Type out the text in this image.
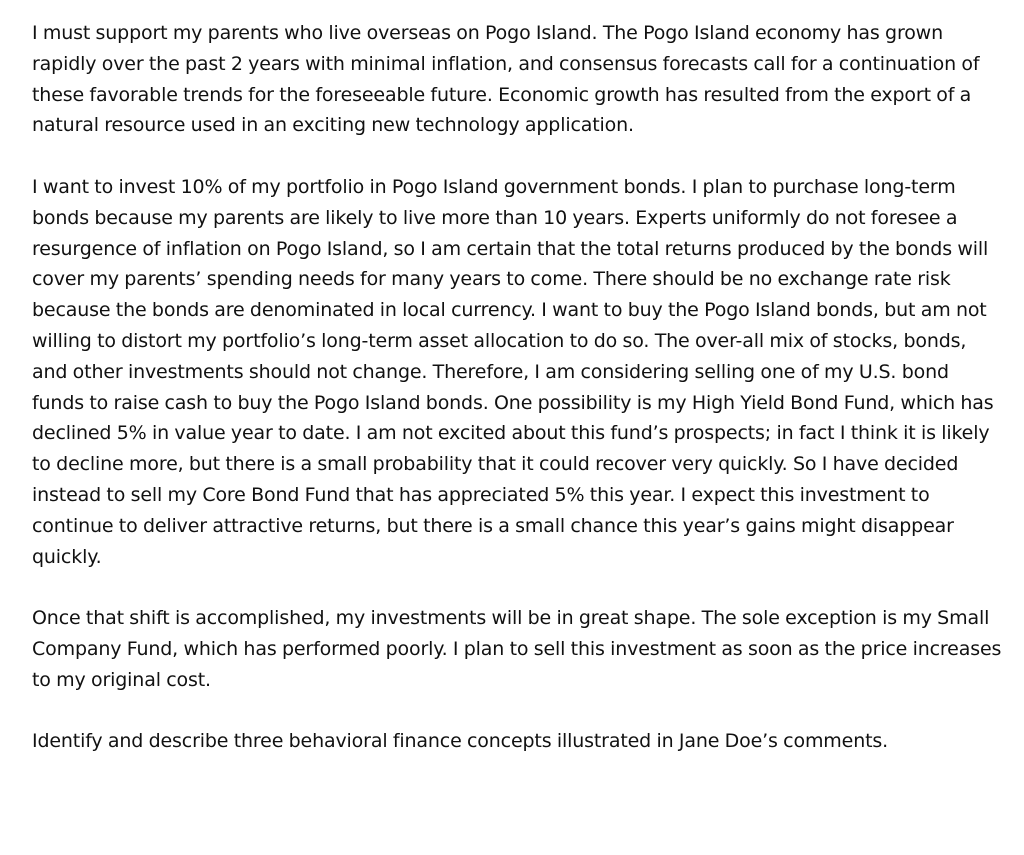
I must support my parents who live overseas on Pogo Island. The Pogo Island economy has grown rapidly over the past 2 years with minimal inflation, and consensus forecasts call for a continuation of these favorable trends for the foreseeable future. Economic growth has resulted from the export of a natural resource used in an exciting new technology application.

I want to invest 10% of my portfolio in Pogo Island government bonds. I plan to purchase long-term bonds because my parents are likely to live more than 10 years. Experts uniformly do not foresee a resurgence of inflation on Pogo Island, so I am certain that the total returns produced by the bonds will cover my parents’ spending needs for many years to come. There should be no exchange rate risk because the bonds are denominated in local currency. I want to buy the Pogo Island bonds, but am not willing to distort my portfolio’s long-term asset allocation to do so. The over-all mix of stocks, bonds, and other investments should not change. Therefore, I am considering selling one of my U.S. bond funds to raise cash to buy the Pogo Island bonds. One possibility is my High Yield Bond Fund, which has declined 5% in value year to date. I am not excited about this fund’s prospects; in fact I think it is likely to decline more, but there is a small probability that it could recover very quickly. So I have decided instead to sell my Core Bond Fund that has appreciated 5% this year. I expect this investment to continue to deliver attractive returns, but there is a small chance this year’s gains might disappear quickly.

Once that shift is accomplished, my investments will be in great shape. The sole exception is my Small Company Fund, which has performed poorly. I plan to sell this investment as soon as the price increases to my original cost.

Identify and describe three behavioral finance concepts illustrated in Jane Doe’s comments.
